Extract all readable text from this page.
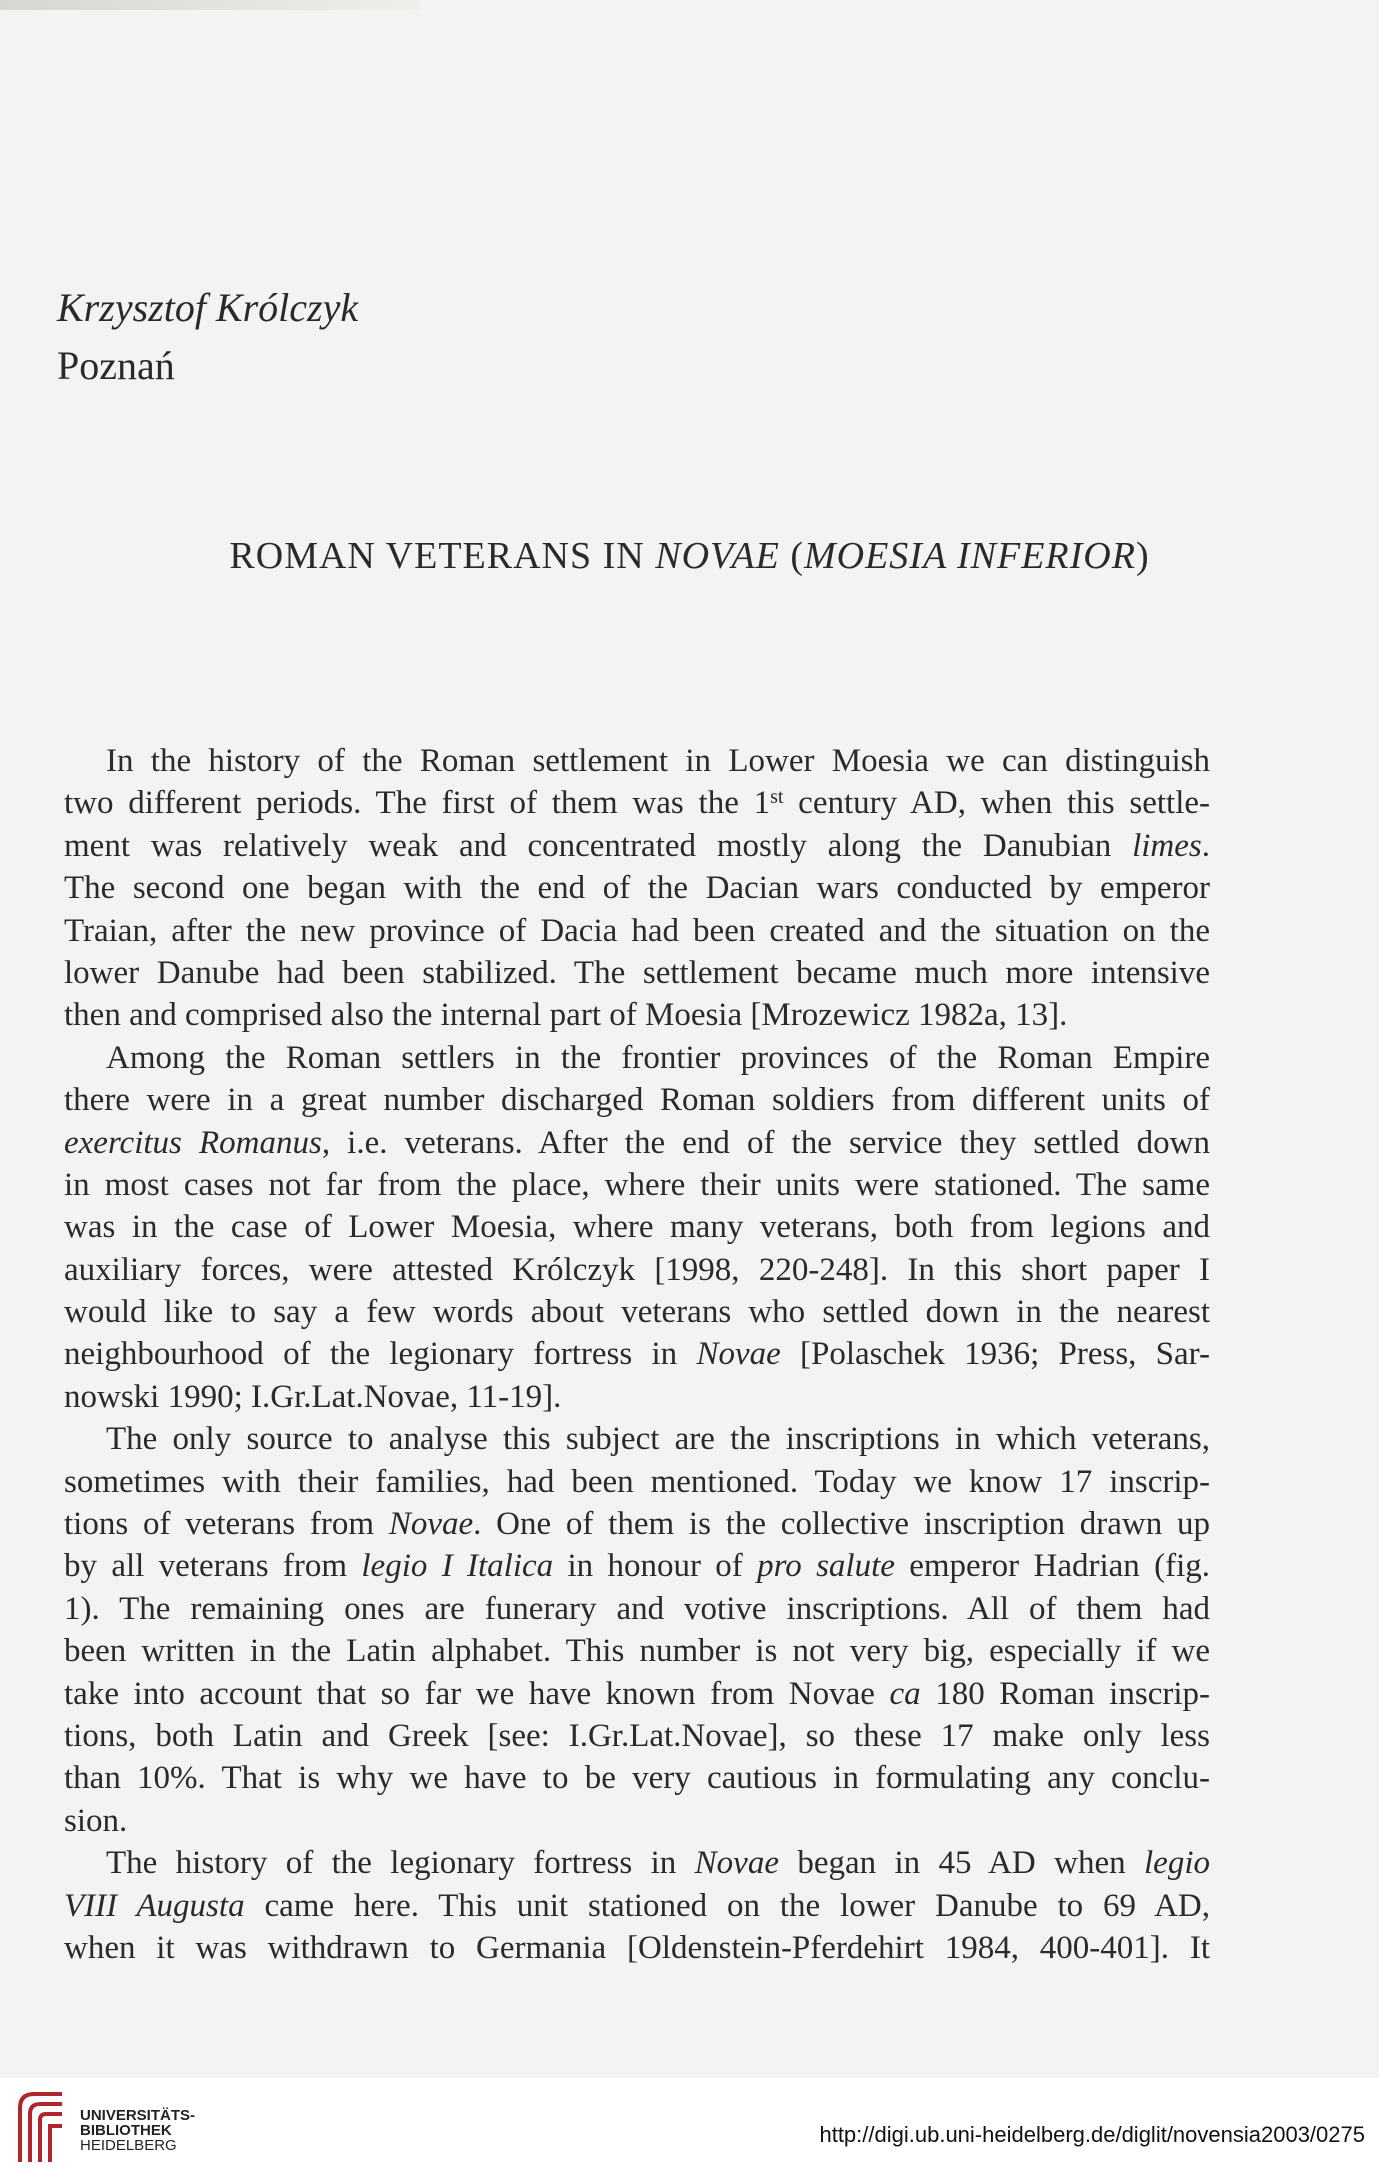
Krzysztof Królczyk
Poznań
ROMAN VETERANS IN NOVAE (MOESIA INFERIOR)
In the history of the Roman settlement in Lower Moesia we can distinguish
two different periods. The first of them was the 1st century AD, when this settle-
ment was relatively weak and concentrated mostly along the Danubian limes.
The second one began with the end of the Dacian wars conducted by emperor
Traian, after the new province of Dacia had been created and the situation on the
lower Danube had been stabilized. The settlement became much more intensive
then and comprised also the internal part of Moesia [Mrozewicz 1982a, 13].
Among the Roman settlers in the frontier provinces of the Roman Empire
there were in a great number discharged Roman soldiers from different units of
exercitus Romanus, i.e. veterans. After the end of the service they settled down
in most cases not far from the place, where their units were stationed. The same
was in the case of Lower Moesia, where many veterans, both from legions and
auxiliary forces, were attested Królczyk [1998, 220-248]. In this short paper I
would like to say a few words about veterans who settled down in the nearest
neighbourhood of the legionary fortress in Novae [Polaschek 1936; Press, Sar-
nowski 1990; I.Gr.Lat.Novae, 11-19].
The only source to analyse this subject are the inscriptions in which veterans,
sometimes with their families, had been mentioned. Today we know 17 inscrip-
tions of veterans from Novae. One of them is the collective inscription drawn up
by all veterans from legio I Italica in honour of pro salute emperor Hadrian (fig.
1). The remaining ones are funerary and votive inscriptions. All of them had
been written in the Latin alphabet. This number is not very big, especially if we
take into account that so far we have known from Novae ca 180 Roman inscrip-
tions, both Latin and Greek [see: I.Gr.Lat.Novae], so these 17 make only less
than 10%. That is why we have to be very cautious in formulating any conclu-
sion.
The history of the legionary fortress in Novae began in 45 AD when legio
VIII Augusta came here. This unit stationed on the lower Danube to 69 AD,
when it was withdrawn to Germania [Oldenstein-Pferdehirt 1984, 400-401]. It
UNIVERSITÄTS-
BIBLIOTHEK
HEIDELBERG	http://digi.ub.uni-heidelberg.de/diglit/novensia2003/0275
